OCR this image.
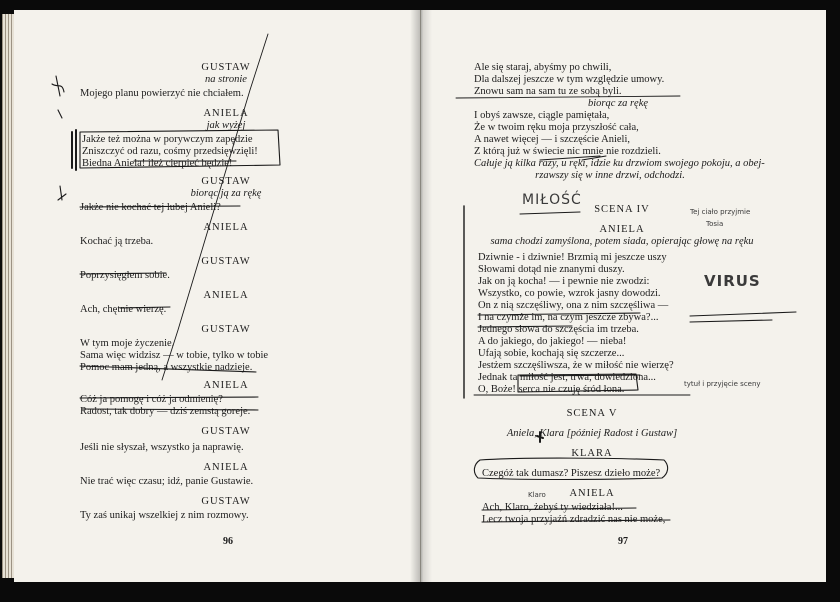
GUSTAW
na stronie
Mojego planu powierzyć nie chciałem.
ANIELA
jak wyżej
Jakże też można w porywczym zapędzie
Zniszczyć od razu, cośmy przedsięwzięli!
Biedna Aniela! ileż cierpieć będzie!
GUSTAW
biorąc ją za rękę
Jakże nie kochać tej lubej Anieli?
ANIELA
Kochać ją trzeba.
GUSTAW
Poprzysięgłem sobie.
ANIELA
Ach, chętnie wierzę.
GUSTAW
W tym moje życzenie.
Sama więc widzisz — w tobie, tylko w tobie
Pomoc mam jedną, a wszystkie nadzieje.
ANIELA
Cóż ja pomogę i cóż ja odmienię?
Radost, tak dobry — dziś zemstą goreje.
GUSTAW
Jeśli nie słyszał, wszystko ja naprawię.
ANIELA
Nie trać więc czasu; idź, panie Gustawie.
GUSTAW
Ty zaś unikaj wszelkiej z nim rozmowy.
Ale się staraj, abyśmy po chwili,
Dla dalszej jeszcze w tym względzie umowy.
Znowu sam na sam tu ze sobą byli.
biorąc za rękę
I obyś zawsze, ciągle pamiętała,
Że w twoim ręku moja przyszłość cała,
A nawet więcej — i szczęście Anieli,
Z którą już w świecie nic mnie nie rozdzieli.
Całuje ją kilka razy, u ręki, idzie ku drzwiom swojego pokoju, a obej-
rzawszy się w inne drzwi, odchodzi.
SCENA IV
ANIELA
sama chodzi zamyślona, potem siada, opierając głowę na ręku
Dziwnie - i dziwnie! Brzmią mi jeszcze uszy
Słowami dotąd nie znanymi duszy.
Jak on ją kocha! — i pewnie nie zwodzi:
Wszystko, co powie, wzrok jasny dowodzi.
On z nią szczęśliwy, ona z nim szczęśliwa —
I na czymże im, na czym jeszcze zbywa?...
Jednego słowa do szczęścia im trzeba.
A do jakiego, do jakiego! — nieba!
Ufają sobie, kochają się szczerze...
Jestżem szczęśliwsza, że w miłość nie wierzę?
Jednak ta miłość jest, trwa, dowiedziona...
O, Boże! serca nie czuję śród łona.
SCENA V
Aniela, Klara [później Radost i Gustaw]
KLARA
Czegóż tak dumasz? Piszesz dzieło może?
ANIELA
Ach, Klaro, żebyś ty wiedziała!...
Lecz twoja przyjaźń zdradzić nas nie może,
96	97
MIŁOŚĆ
VIRUS
Tej ciało przyjmie
Tosia
tytuł i przyjęcie sceny
Klaro
